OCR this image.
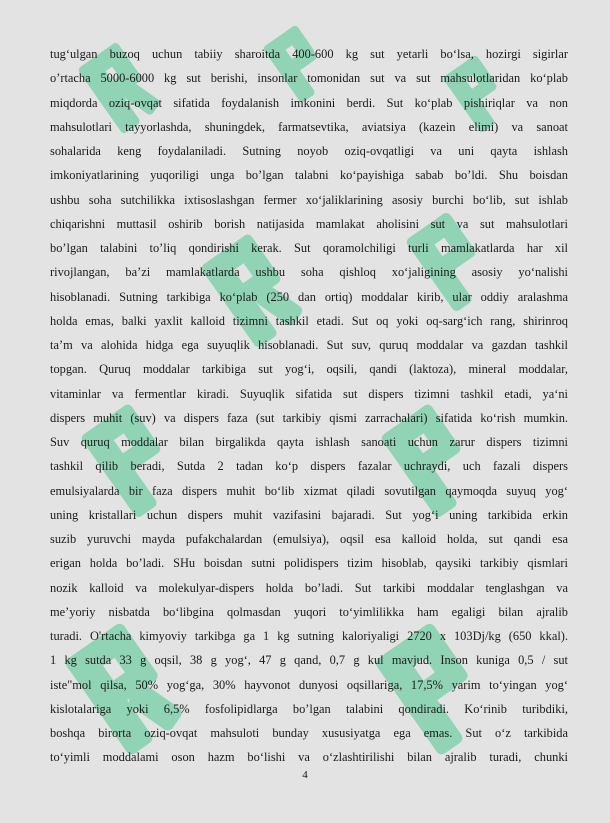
tug‘ulgan buzoq uchun tabiiy sharoitda 400-600 kg sut yetarli bo‘lsa, hozirgi sigirlar
o’rtacha 5000-6000 kg sut berishi, insonlar tomonidan sut va sut mahsulotlaridan ko‘plab
miqdorda oziq-ovqat sifatida foydalanish imkonini berdi. Sut ko‘plab pishiriqlar va non
mahsulotlari tayyorlashda, shuningdek, farmatsevtika, aviatsiya (kazein elimi) va sanoat
sohalarida keng foydalaniladi. Sutning noyob oziq-ovqatligi va uni qayta ishlash
imkoniyatlarining yuqoriligi unga bo’lgan talabni ko‘payishiga sabab bo’ldi. Shu boisdan
ushbu soha sutchilikka ixtisoslashgan fermer xo‘jaliklarining asosiy burchi bo‘lib, sut ishlab
chiqarishni muttasil oshirib borish natijasida mamlakat aholisini sut va sut mahsulotlari
bo’lgan talabini to’liq qondirishi kerak. Sut qoramolchiligi turli mamlakatlarda har xil
rivojlangan, ba’zi mamlakatlarda ushbu soha qishloq xo‘jaligining asosiy yo‘nalishi
hisoblanadi. Sutning tarkibiga ko‘plab (250 dan ortiq) moddalar kirib, ular oddiy aralashma
holda emas, balki yaxlit kalloid tizimni tashkil etadi. Sut oq yoki oq-sarg‘ich rang, shirinroq
ta’m va alohida hidga ega suyuqlik hisoblanadi. Sut suv, quruq moddalar va gazdan tashkil
topgan. Quruq moddalar tarkibiga sut yog‘i, oqsili, qandi (laktoza), mineral moddalar,
vitaminlar va fermentlar kiradi. Suyuqlik sifatida sut dispers tizimni tashkil etadi, ya‘ni
dispers muhit (suv) va dispers faza (sut tarkibiy qismi zarrachalari) sifatida ko‘rish mumkin.
Suv quruq moddalar bilan birgalikda qayta ishlash sanoati uchun zarur dispers tizimni
tashkil qilib beradi, Sutda 2 tadan ko‘p dispers fazalar uchraydi, uch fazali dispers
emulsiyalarda bir faza dispers muhit bo‘lib xizmat qiladi sovutilgan qaymoqda suyuq yog‘
uning kristallari uchun dispers muhit vazifasini bajaradi. Sut yog‘i uning tarkibida erkin
suzib yuruvchi mayda pufakchalardan (emulsiya), oqsil esa kalloid holda, sut qandi esa
erigan holda bo’ladi. SHu boisdan sutni polidispers tizim hisoblab, qaysiki tarkibiy qismlari
nozik kalloid va molekulyar-dispers holda bo’ladi. Sut tarkibi moddalar tenglashgan va
me’yoriy nisbatda bo‘libgina qolmasdan yuqori to‘yimlilikka ham egaligi bilan ajralib
turadi. O'rtacha kimyoviy tarkibga ga 1 kg sutning kaloriyaligi 2720 x 103Dj/kg (650 kkal).
1 kg sutda 33 g oqsil, 38 g yog‘, 47 g qand, 0,7 g kul mavjud. Inson kuniga 0,5 / sut
iste"mol qilsa, 50% yog‘ga, 30% hayvonot dunyosi oqsillariga, 17,5% yarim to‘yingan yog‘
kislotalariga yoki 6,5% fosfolipidlarga bo’lgan talabini qondiradi. Ko‘rinib turibdiki,
boshqa birorta oziq-ovqat mahsuloti bunday xususiyatga ega emas. Sut o‘z tarkibida
to‘yimli moddalami oson hazm bo‘lishi va o‘zlashtirilishi bilan ajralib turadi, chunki
4
